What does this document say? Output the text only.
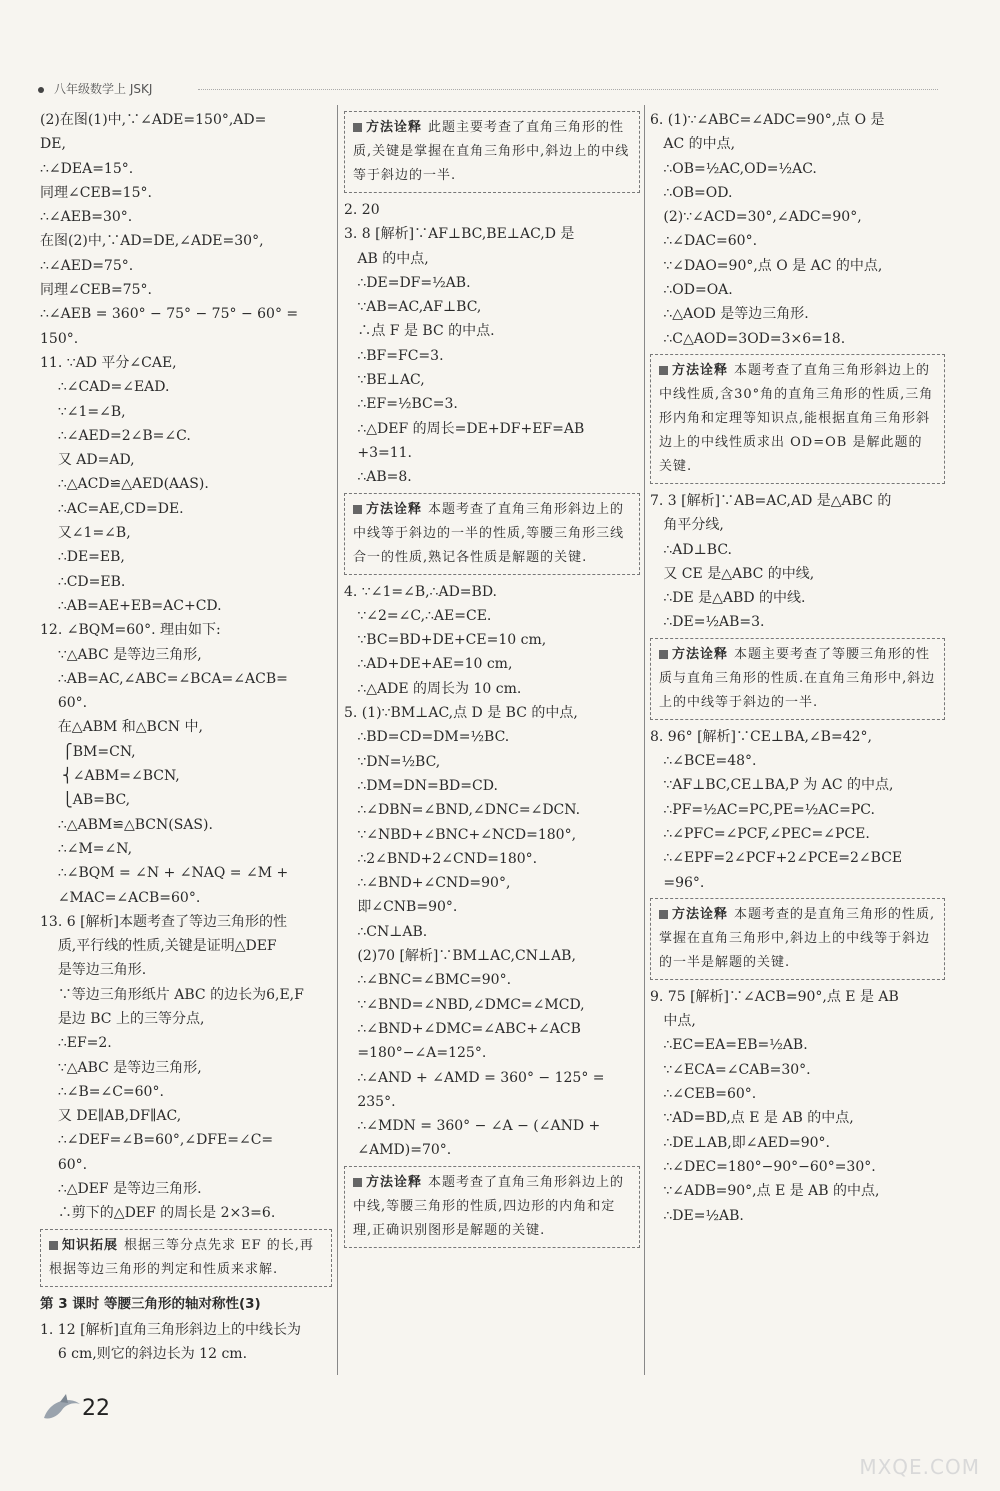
八年级数学上 JSKJ
(2)在图(1)中,∵∠ADE=150°,AD=
DE,
∴∠DEA=15°.
同理∠CEB=15°.
∴∠AEB=30°.
在图(2)中,∵AD=DE,∠ADE=30°,
∴∠AED=75°.
同理∠CEB=75°.
∴∠AEB = 360° − 75° − 75° − 60° =
150°.
11. ∵AD 平分∠CAE,
∴∠CAD=∠EAD.
∵∠1=∠B,
∴∠AED=2∠B=∠C.
又 AD=AD,
∴△ACD≌△AED(AAS).
∴AC=AE,CD=DE.
又∠1=∠B,
∴DE=EB,
∴CD=EB.
∴AB=AE+EB=AC+CD.
12. ∠BQM=60°. 理由如下:
∵△ABC 是等边三角形,
∴AB=AC,∠ABC=∠BCA=∠ACB=
60°.
在△ABM 和△BCN 中,
⎧BM=CN,
⎨∠ABM=∠BCN,
⎩AB=BC,
∴△ABM≌△BCN(SAS).
∴∠M=∠N,
∴∠BQM = ∠N + ∠NAQ = ∠M +
∠MAC=∠ACB=60°.
13. 6 [解析]本题考查了等边三角形的性
质,平行线的性质,关键是证明△DEF
是等边三角形.
∵等边三角形纸片 ABC 的边长为6,E,F
是边 BC 上的三等分点,
∴EF=2.
∵△ABC 是等边三角形,
∴∠B=∠C=60°.
又 DE∥AB,DF∥AC,
∴∠DEF=∠B=60°,∠DFE=∠C=
60°.
∴△DEF 是等边三角形.
∴剪下的△DEF 的周长是 2×3=6.
知识拓展 根据三等分点先求 EF 的长,再根据等边三角形的判定和性质来求解.
第 3 课时 等腰三角形的轴对称性(3)
1. 12 [解析]直角三角形斜边上的中线长为
6 cm,则它的斜边长为 12 cm.
方法诠释 此题主要考查了直角三角形的性质,关键是掌握在直角三角形中,斜边上的中线等于斜边的一半.
2. 20
3. 8 [解析]∵AF⊥BC,BE⊥AC,D 是
AB 的中点,
∴DE=DF=½AB.
∵AB=AC,AF⊥BC,
∴点 F 是 BC 的中点.
∴BF=FC=3.
∵BE⊥AC,
∴EF=½BC=3.
∴△DEF 的周长=DE+DF+EF=AB
+3=11.
∴AB=8.
方法诠释 本题考查了直角三角形斜边上的中线等于斜边的一半的性质,等腰三角形三线合一的性质,熟记各性质是解题的关键.
4. ∵∠1=∠B,∴AD=BD.
∵∠2=∠C,∴AE=CE.
∵BC=BD+DE+CE=10 cm,
∴AD+DE+AE=10 cm,
∴△ADE 的周长为 10 cm.
5. (1)∵BM⊥AC,点 D 是 BC 的中点,
∴BD=CD=DM=½BC.
∵DN=½BC,
∴DM=DN=BD=CD.
∴∠DBN=∠BND,∠DNC=∠DCN.
∵∠NBD+∠BNC+∠NCD=180°,
∴2∠BND+2∠CND=180°.
∴∠BND+∠CND=90°,
即∠CNB=90°.
∴CN⊥AB.
(2)70 [解析]∵BM⊥AC,CN⊥AB,
∴∠BNC=∠BMC=90°.
∵∠BND=∠NBD,∠DMC=∠MCD,
∴∠BND+∠DMC=∠ABC+∠ACB
=180°−∠A=125°.
∴∠AND + ∠AMD = 360° − 125° =
235°.
∴∠MDN = 360° − ∠A − (∠AND +
∠AMD)=70°.
方法诠释 本题考查了直角三角形斜边上的中线,等腰三角形的性质,四边形的内角和定理,正确识别图形是解题的关键.
6. (1)∵∠ABC=∠ADC=90°,点 O 是
AC 的中点,
∴OB=½AC,OD=½AC.
∴OB=OD.
(2)∵∠ACD=30°,∠ADC=90°,
∴∠DAC=60°.
∵∠DAO=90°,点 O 是 AC 的中点,
∴OD=OA.
∴△AOD 是等边三角形.
∴C△AOD=3OD=3×6=18.
方法诠释 本题考查了直角三角形斜边上的中线性质,含30°角的直角三角形的性质,三角形内角和定理等知识点,能根据直角三角形斜边上的中线性质求出 OD=OB 是解此题的关键.
7. 3 [解析]∵AB=AC,AD 是△ABC 的
角平分线,
∴AD⊥BC.
又 CE 是△ABC 的中线,
∴DE 是△ABD 的中线.
∴DE=½AB=3.
方法诠释 本题主要考查了等腰三角形的性质与直角三角形的性质.在直角三角形中,斜边上的中线等于斜边的一半.
8. 96° [解析]∵CE⊥BA,∠B=42°,
∴∠BCE=48°.
∵AF⊥BC,CE⊥BA,P 为 AC 的中点,
∴PF=½AC=PC,PE=½AC=PC.
∴∠PFC=∠PCF,∠PEC=∠PCE.
∴∠EPF=2∠PCF+2∠PCE=2∠BCE
=96°.
方法诠释 本题考查的是直角三角形的性质,掌握在直角三角形中,斜边上的中线等于斜边的一半是解题的关键.
9. 75 [解析]∵∠ACB=90°,点 E 是 AB
中点,
∴EC=EA=EB=½AB.
∵∠ECA=∠CAB=30°.
∴∠CEB=60°.
∵AD=BD,点 E 是 AB 的中点,
∴DE⊥AB,即∠AED=90°.
∴∠DEC=180°−90°−60°=30°.
∵∠ADB=90°,点 E 是 AB 的中点,
∴DE=½AB.
22
MXQE.COM
